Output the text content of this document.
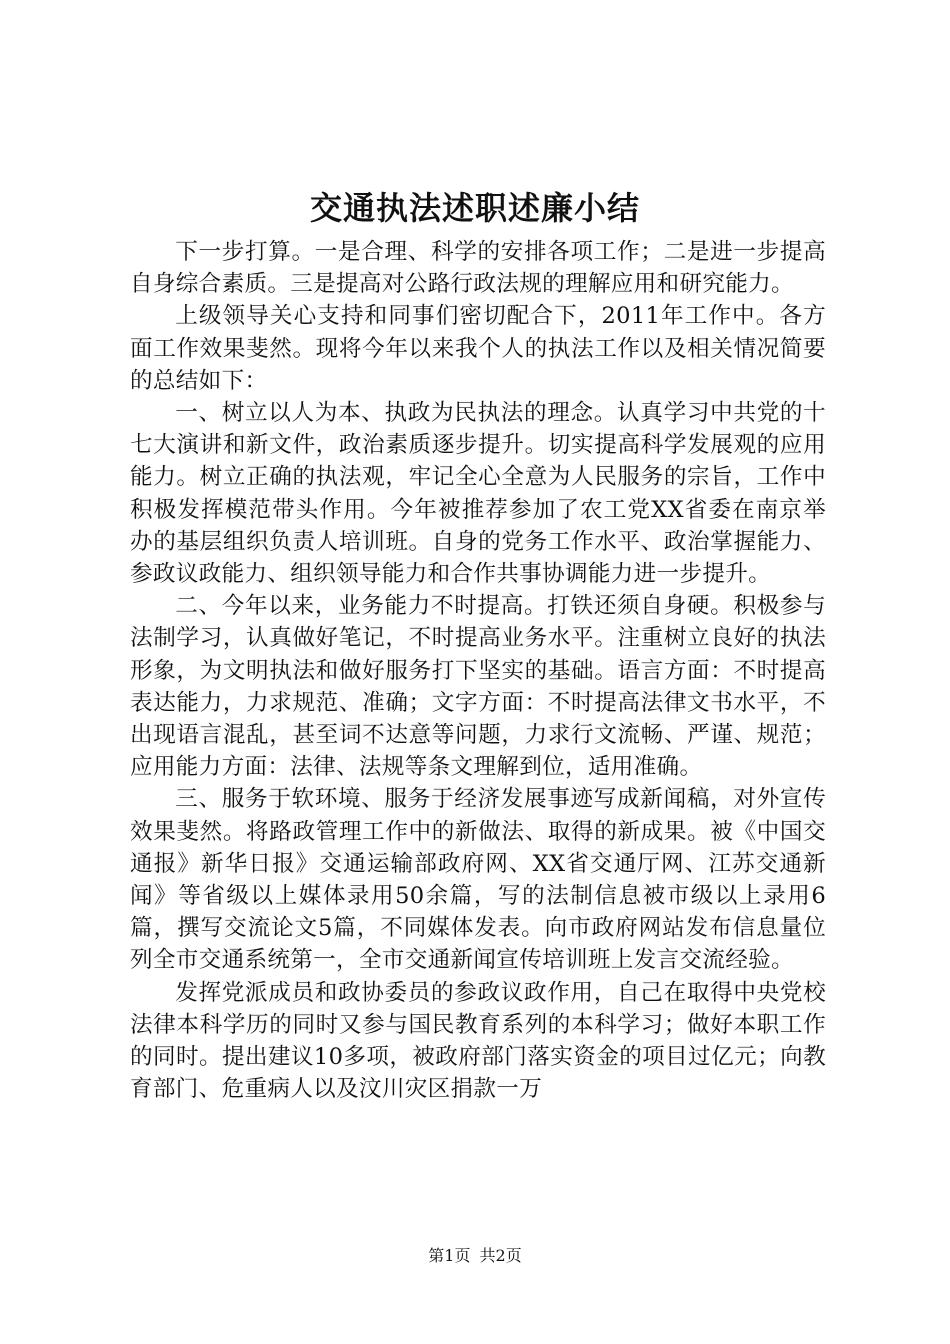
交通执法述职述廉小结

下一步打算。一是合理、科学的安排各项工作；二是进一步提高自身综合素质。三是提高对公路行政法规的理解应用和研究能力。

上级领导关心支持和同事们密切配合下，2011年工作中。各方面工作效果斐然。现将今年以来我个人的执法工作以及相关情况简要的总结如下：

一、树立以人为本、执政为民执法的理念。认真学习中共党的十七大演讲和新文件，政治素质逐步提升。切实提高科学发展观的应用能力。树立正确的执法观，牢记全心全意为人民服务的宗旨，工作中积极发挥模范带头作用。今年被推荐参加了农工党XX省委在南京举办的基层组织负责人培训班。自身的党务工作水平、政治掌握能力、参政议政能力、组织领导能力和合作共事协调能力进一步提升。

二、今年以来，业务能力不时提高。打铁还须自身硬。积极参与法制学习，认真做好笔记，不时提高业务水平。注重树立良好的执法形象，为文明执法和做好服务打下坚实的基础。语言方面：不时提高表达能力，力求规范、准确；文字方面：不时提高法律文书水平，不出现语言混乱，甚至词不达意等问题，力求行文流畅、严谨、规范；应用能力方面：法律、法规等条文理解到位，适用准确。

三、服务于软环境、服务于经济发展事迹写成新闻稿，对外宣传效果斐然。将路政管理工作中的新做法、取得的新成果。被《中国交通报》新华日报》交通运输部政府网、XX省交通厅网、江苏交通新闻》等省级以上媒体录用50余篇，写的法制信息被市级以上录用6篇，撰写交流论文5篇，不同媒体发表。向市政府网站发布信息量位列全市交通系统第一，全市交通新闻宣传培训班上发言交流经验。

发挥党派成员和政协委员的参政议政作用，自己在取得中央党校法律本科学历的同时又参与国民教育系列的本科学习；做好本职工作的同时。提出建议10多项，被政府部门落实资金的项目过亿元；向教育部门、危重病人以及汶川灾区捐款一万

第1页 共2页
